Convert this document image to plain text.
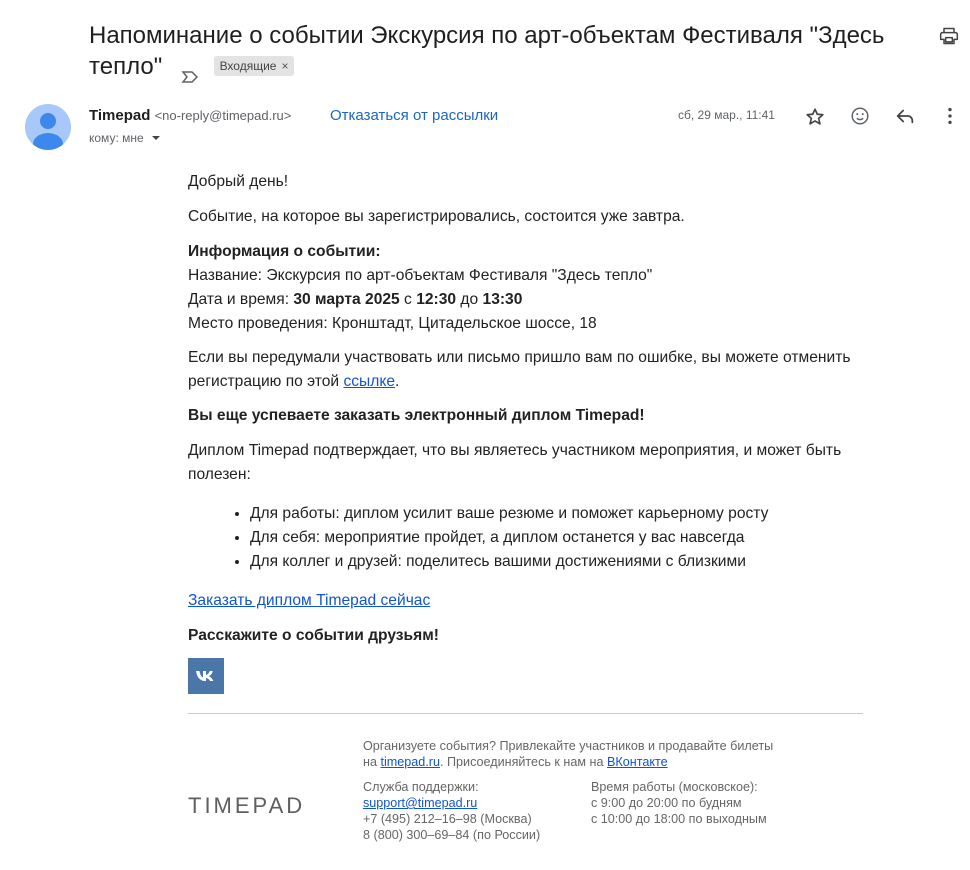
Напоминание о событии Экскурсия по арт-объектам Фестиваля "Здесь тепло"	Входящие ×
Timepad <no-reply@timepad.ru>	Отказаться от рассылки
кому: мне
сб, 29 мар., 11:41
Добрый день!
Событие, на которое вы зарегистрировались, состоится уже завтра.
Информация о событии:
Название: Экскурсия по арт-объектам Фестиваля "Здесь тепло"
Дата и время: 30 марта 2025 с 12:30 до 13:30
Место проведения: Кронштадт, Цитадельское шоссе, 18
Если вы передумали участвовать или письмо пришло вам по ошибке, вы можете отменить регистрацию по этой ссылке.
Вы еще успеваете заказать электронный диплом Timepad!
Диплом Timepad подтверждает, что вы являетесь участником мероприятия, и может быть полезен:
• Для работы: диплом усилит ваше резюме и поможет карьерному росту
• Для себя: мероприятие пройдет, а диплом останется у вас навсегда
• Для коллег и друзей: поделитесь вашими достижениями с близкими
Заказать диплом Timepad сейчас
Расскажите о событии друзьям!
TIMEPAD
Организуете события? Привлекайте участников и продавайте билеты
на timepad.ru. Присоединяйтесь к нам на ВКонтакте
Служба поддержки:
support@timepad.ru
+7 (495) 212–16–98 (Москва)
8 (800) 300–69–84 (по России)
Время работы (московское):
с 9:00 до 20:00 по будням
с 10:00 до 18:00 по выходным
